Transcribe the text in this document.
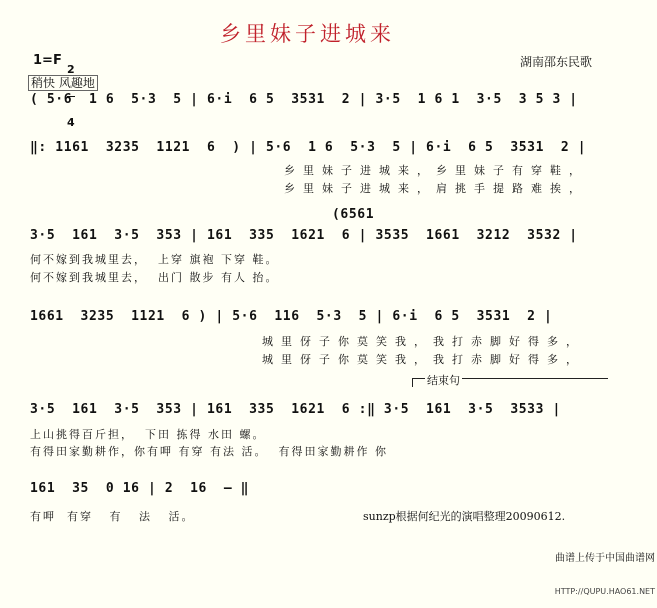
乡里妹子进城来
1=F

2

4

湖南邵东民歌
稍快 风趣地
( 5·6  1 6  5·3  5 | 6·i  6 5  3531  2 | 3·5  1 6 1  3·5  3 5 3 |
‖: 1161  3235  1121  6  ) | 5·6  1 6  5·3  5 | 6·i  6 5  3531  2 |
乡里妹子进城来，乡里妹子有穿鞋，
乡里妹子进城来，肩挑手提路难挨，
(6561
3·5  161  3·5  353 | 161  335  1621  6 | 3535  1661  3212  3532 |
何不嫁到我城里去，  上穿 旗袍 下穿 鞋。
何不嫁到我城里去，  出门 散步 有人 抬。
1661  3235  1121  6 ) | 5·6  116  5·3  5 | 6·i  6 5  3531  2 |
城里伢子你莫笑我，我打赤脚好得多，
城里伢子你莫笑我，我打赤脚好得多，
结束句
3·5  161  3·5  353 | 161  335  1621  6 :‖ 3·5  161  3·5  3533 |
上山挑得百斤担，  下田 拣得 水田 螺。
有得田家勤耕作，你有呷 有穿 有法 活。  有得田家勤耕作 你
161  35  0 16 | 2  16  – ‖
有呷  有穿   有   法   活。	sunzp根据何纪光的演唱整理20090612.

曲谱上传于中国曲谱网

HTTP://QUPU.HAO61.NET
